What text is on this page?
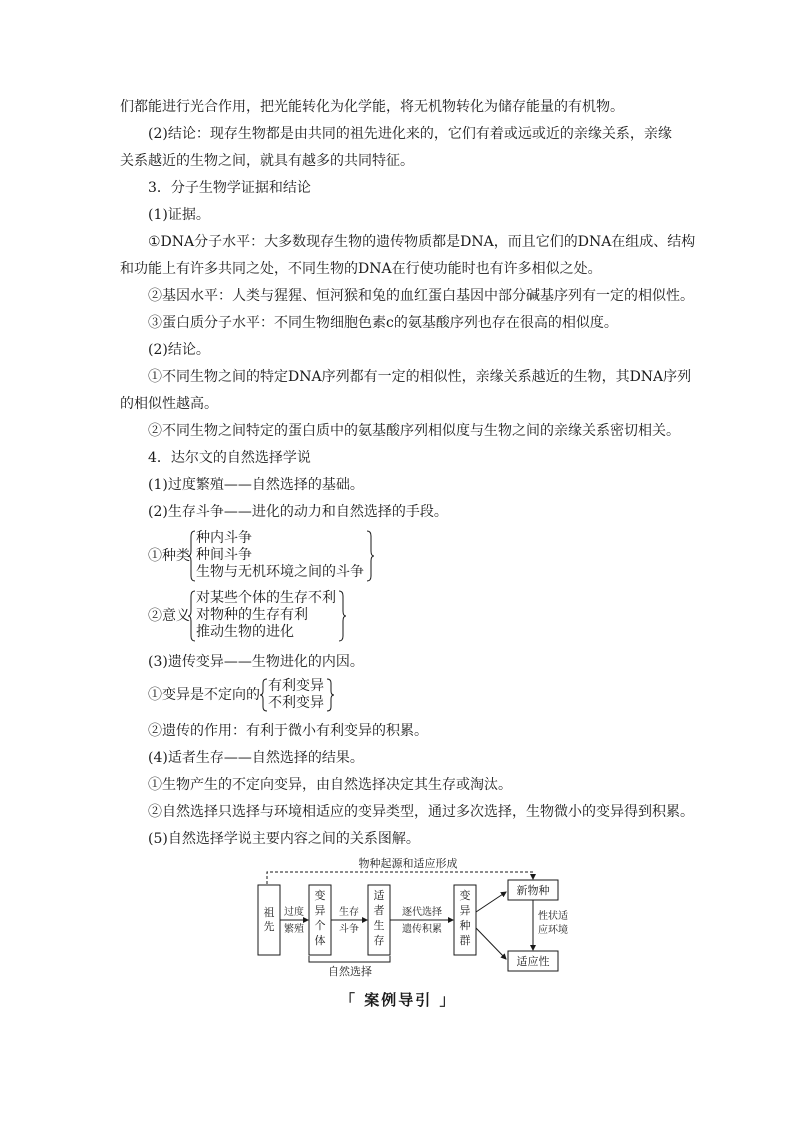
们都能进行光合作用，把光能转化为化学能，将无机物转化为储存能量的有机物。
(2)结论：现存生物都是由共同的祖先进化来的，它们有着或远或近的亲缘关系，亲缘
关系越近的生物之间，就具有越多的共同特征。
3．分子生物学证据和结论
(1)证据。
①DNA分子水平：大多数现存生物的遗传物质都是DNA，而且它们的DNA在组成、结构
和功能上有许多共同之处，不同生物的DNA在行使功能时也有许多相似之处。
②基因水平：人类与猩猩、恒河猴和兔的血红蛋白基因中部分碱基序列有一定的相似性。
③蛋白质分子水平：不同生物细胞色素c的氨基酸序列也存在很高的相似度。
(2)结论。
①不同生物之间的特定DNA序列都有一定的相似性，亲缘关系越近的生物，其DNA序列
的相似性越高。
②不同生物之间特定的蛋白质中的氨基酸序列相似度与生物之间的亲缘关系密切相关。
4．达尔文的自然选择学说
(1)过度繁殖——自然选择的基础。
(2)生存斗争——进化的动力和自然选择的手段。
①种类
种内斗争
种间斗争
生物与无机环境之间的斗争
②意义
对某些个体的生存不利
对物种的生存有利
推动生物的进化
(3)遗传变异——生物进化的内因。
①变异是不定向的
有利变异
不利变异
②遗传的作用：有利于微小有利变异的积累。
(4)适者生存——自然选择的结果。
①生物产生的不定向变异，由自然选择决定其生存或淘汰。
②自然选择只选择与环境相适应的变异类型，通过多次选择，生物微小的变异得到积累。
(5)自然选择学说主要内容之间的关系图解。
物种起源和适应形成
祖
先
过度
繁殖
变
异
个
体
生存
斗争
适
者
生
存
逐代选择
遗传积累
变
异
种
群
新物种
性状适
应环境
适应性
自然选择
「 案例导引 」
